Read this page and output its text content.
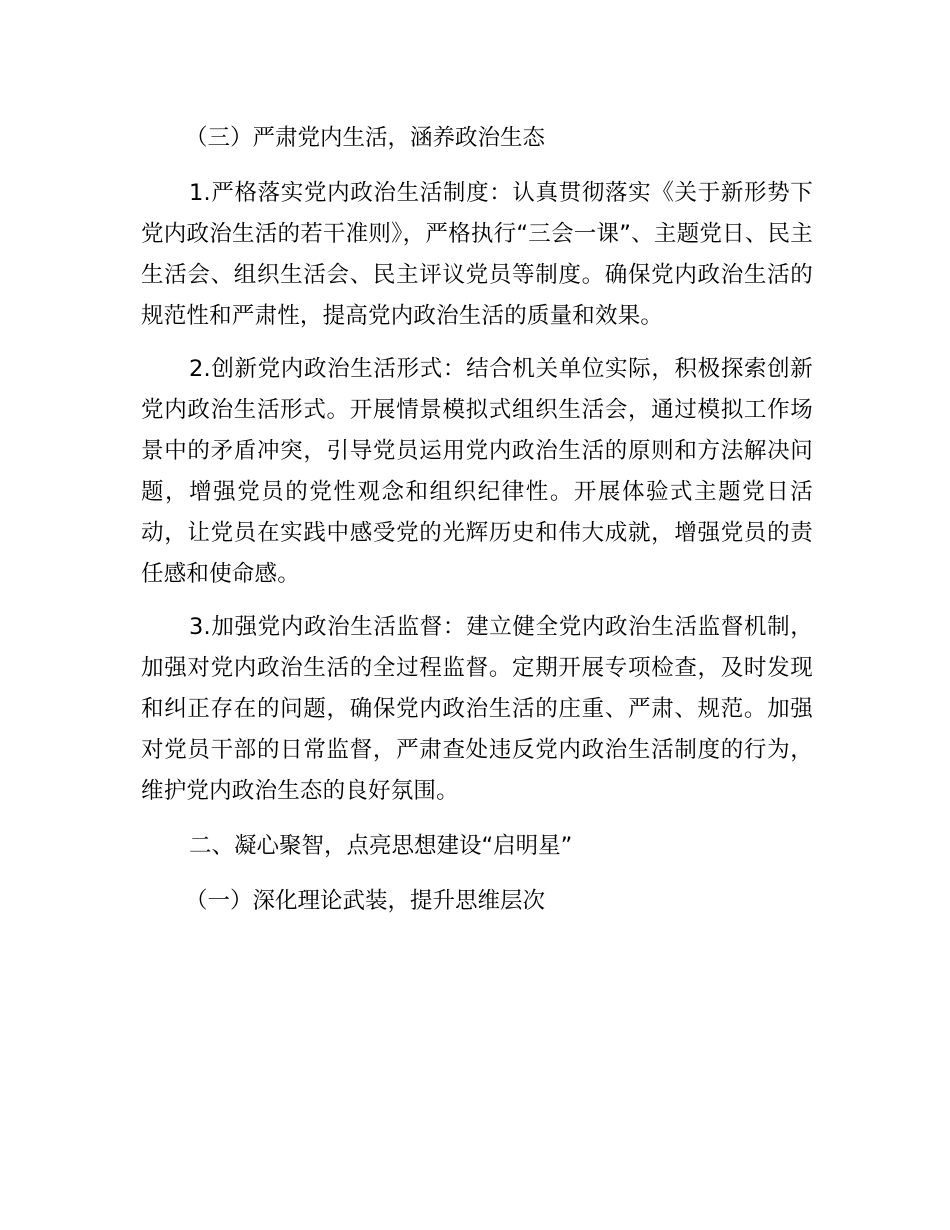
（三）严肃党内生活，涵养政治生态

1.严格落实党内政治生活制度：认真贯彻落实《关于新形势下党内政治生活的若干准则》，严格执行“三会一课”、主题党日、民主生活会、组织生活会、民主评议党员等制度。确保党内政治生活的规范性和严肃性，提高党内政治生活的质量和效果。

2.创新党内政治生活形式：结合机关单位实际，积极探索创新党内政治生活形式。开展情景模拟式组织生活会，通过模拟工作场景中的矛盾冲突，引导党员运用党内政治生活的原则和方法解决问题，增强党员的党性观念和组织纪律性。开展体验式主题党日活动，让党员在实践中感受党的光辉历史和伟大成就，增强党员的责任感和使命感。

3.加强党内政治生活监督：建立健全党内政治生活监督机制，加强对党内政治生活的全过程监督。定期开展专项检查，及时发现和纠正存在的问题，确保党内政治生活的庄重、严肃、规范。加强对党员干部的日常监督，严肃查处违反党内政治生活制度的行为，维护党内政治生态的良好氛围。

二、凝心聚智，点亮思想建设“启明星”

（一）深化理论武装，提升思维层次
